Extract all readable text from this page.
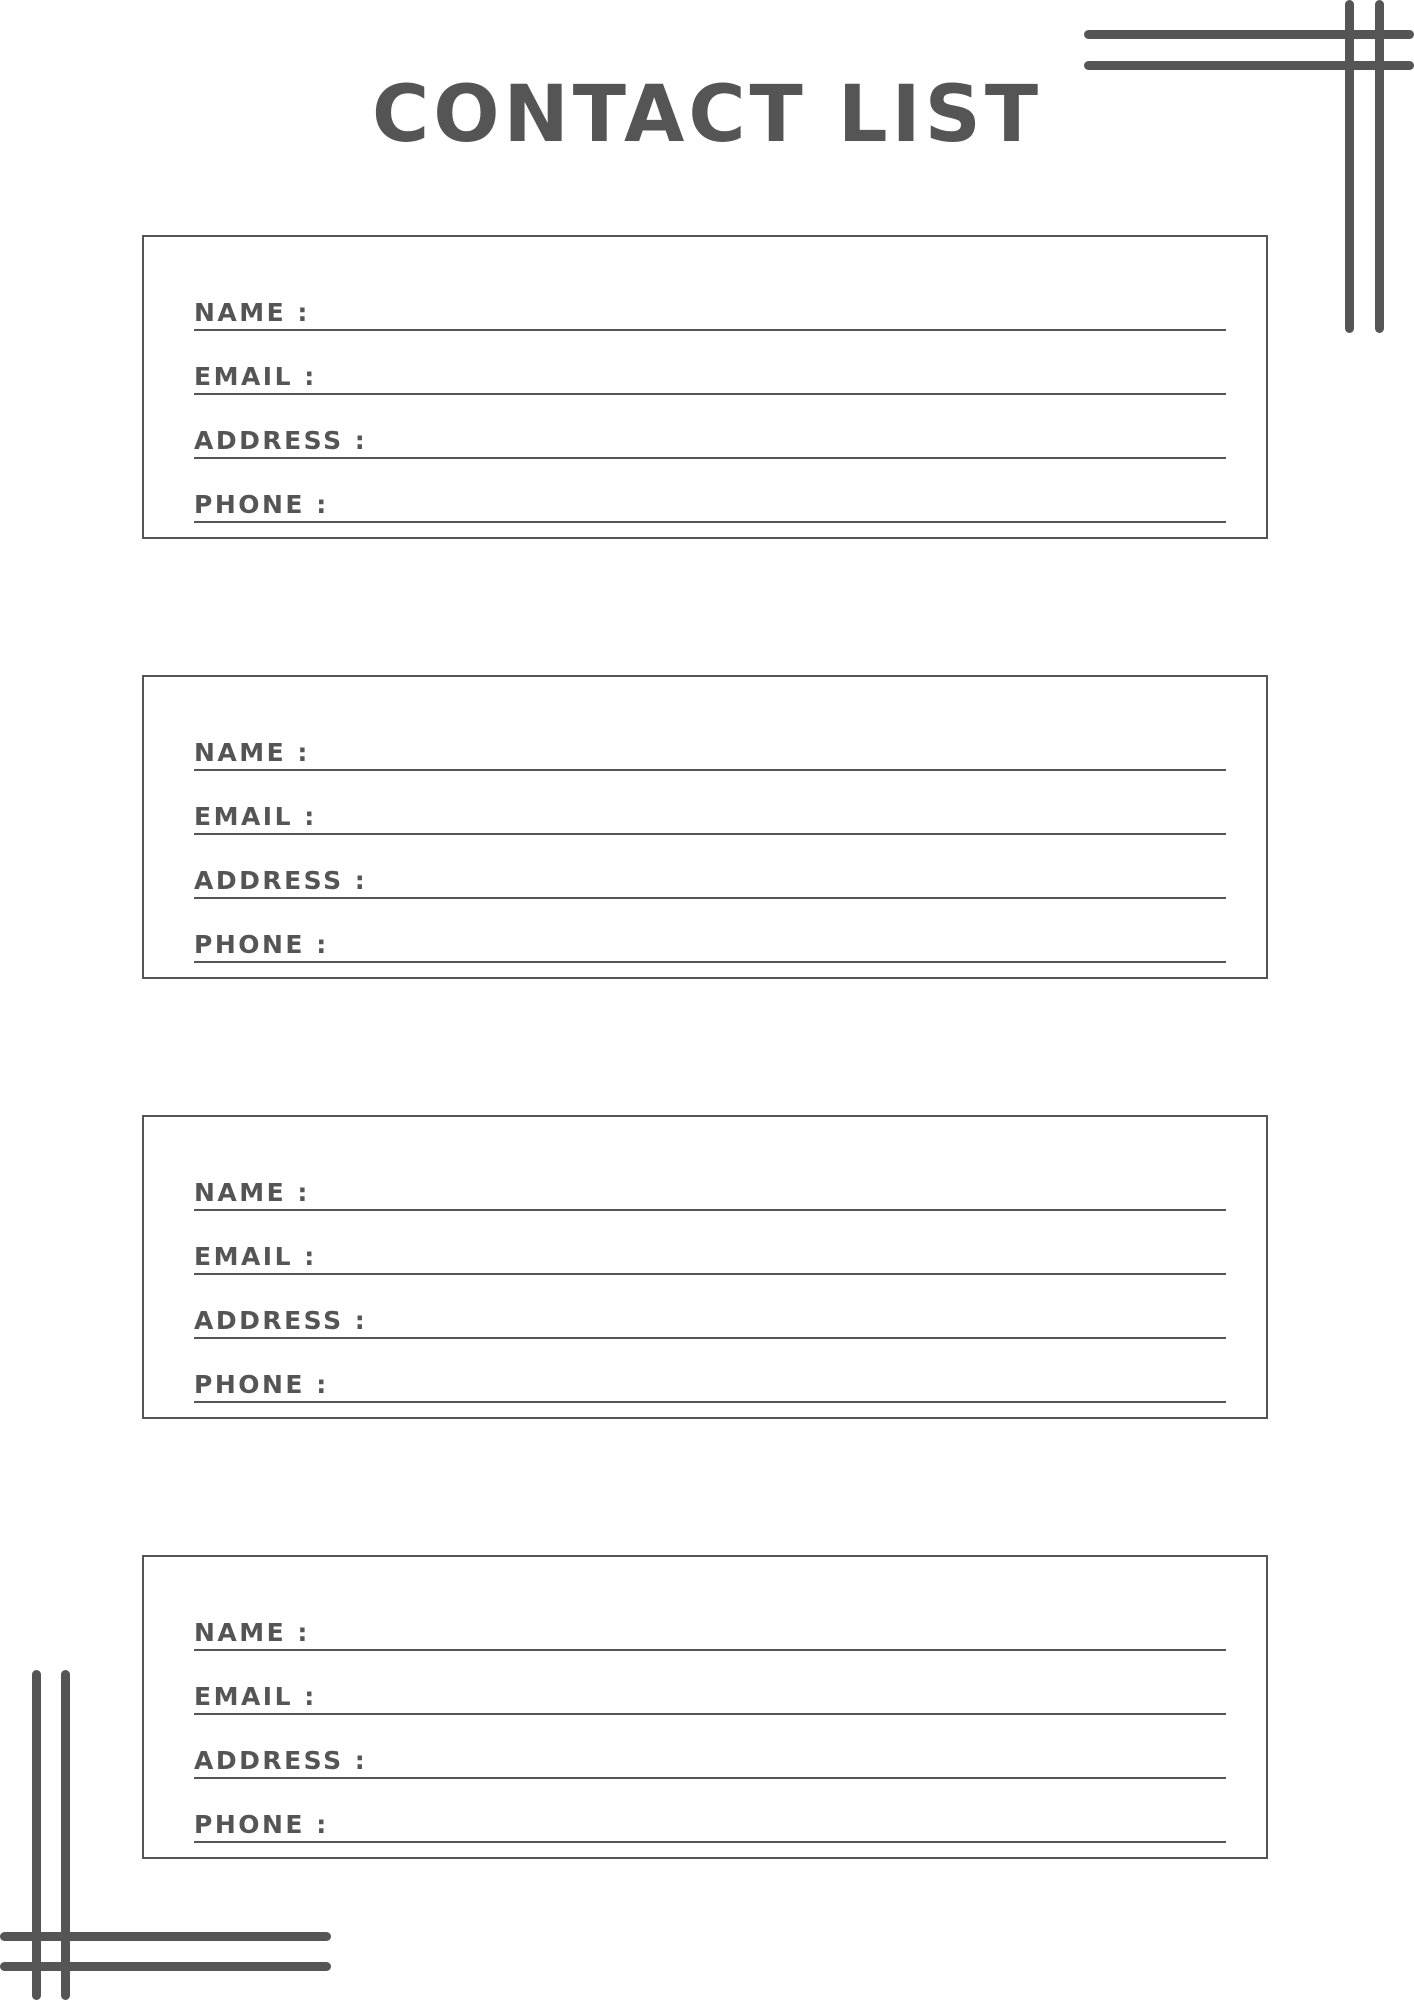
CONTACT LIST
NAME :
EMAIL :
ADDRESS :
PHONE :
NAME :
EMAIL :
ADDRESS :
PHONE :
NAME :
EMAIL :
ADDRESS :
PHONE :
NAME :
EMAIL :
ADDRESS :
PHONE :
